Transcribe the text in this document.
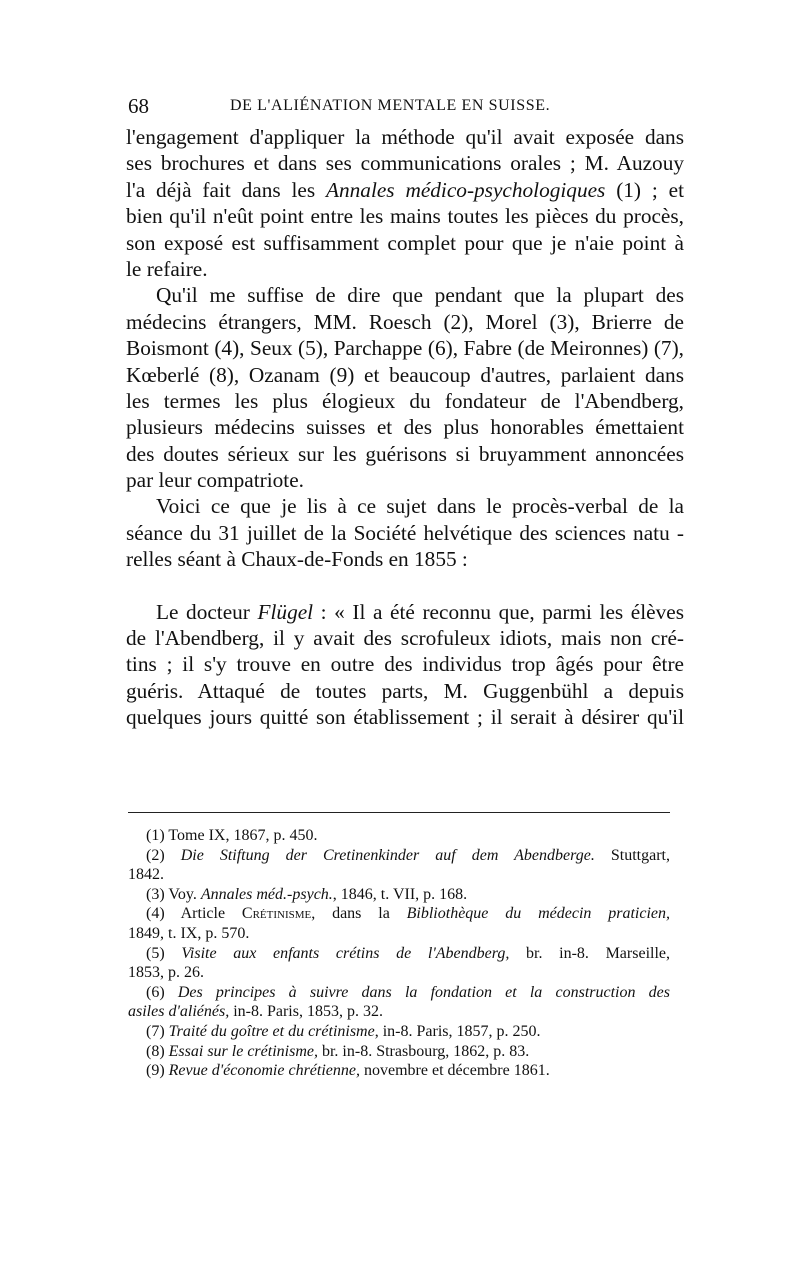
68	DE L'ALIÉNATION MENTALE EN SUISSE.
l'engagement d'appliquer la méthode qu'il avait exposée dans
ses brochures et dans ses communications orales ; M. Auzouy
l'a déjà fait dans les Annales médico-psychologiques (1) ; et
bien qu'il n'eût point entre les mains toutes les pièces du procès,
son exposé est suffisamment complet pour que je n'aie point à
le refaire.
Qu'il me suffise de dire que pendant que la plupart des
médecins étrangers, MM. Roesch (2), Morel (3), Brierre de
Boismont (4), Seux (5), Parchappe (6), Fabre (de Meironnes) (7),
Kœberlé (8), Ozanam (9) et beaucoup d'autres, parlaient dans
les termes les plus élogieux du fondateur de l'Abendberg,
plusieurs médecins suisses et des plus honorables émettaient
des doutes sérieux sur les guérisons si bruyamment annoncées
par leur compatriote.
Voici ce que je lis à ce sujet dans le procès-verbal de la
séance du 31 juillet de la Société helvétique des sciences natu -
relles séant à Chaux-de-Fonds en 1855 :
Le docteur Flügel : « Il a été reconnu que, parmi les élèves
de l'Abendberg, il y avait des scrofuleux idiots, mais non cré-
tins ; il s'y trouve en outre des individus trop âgés pour être
guéris. Attaqué de toutes parts, M. Guggenbühl a depuis
quelques jours quitté son établissement ; il serait à désirer qu'il
(1) Tome IX, 1867, p. 450.
(2) Die Stiftung der Cretinenkinder auf dem Abendberge. Stuttgart,
1842.
(3) Voy. Annales méd.-psych., 1846, t. VII, p. 168.
(4) Article Crétinisme, dans la Bibliothèque du médecin praticien,
1849, t. IX, p. 570.
(5) Visite aux enfants crétins de l'Abendberg, br. in-8. Marseille,
1853, p. 26.
(6) Des principes à suivre dans la fondation et la construction des
asiles d'aliénés, in-8. Paris, 1853, p. 32.
(7) Traité du goître et du crétinisme, in-8. Paris, 1857, p. 250.
(8) Essai sur le crétinisme, br. in-8. Strasbourg, 1862, p. 83.
(9) Revue d'économie chrétienne, novembre et décembre 1861.
